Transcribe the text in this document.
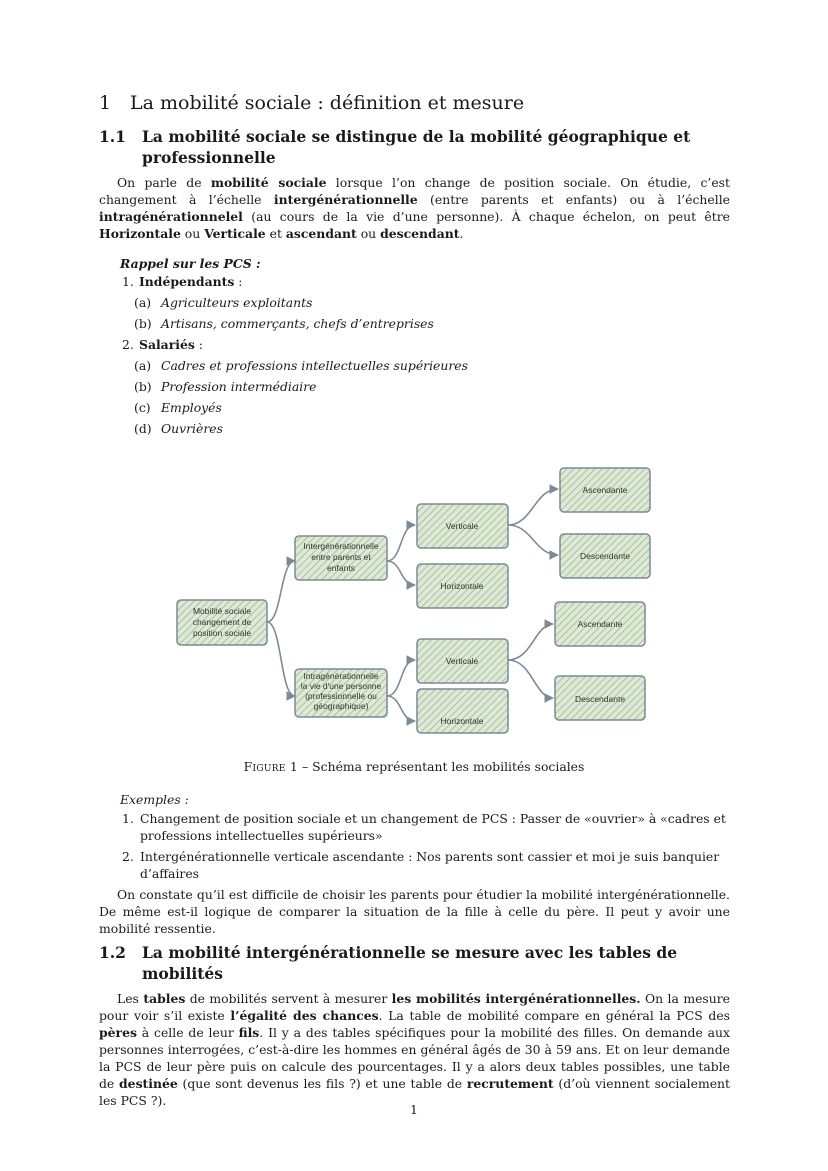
1 La mobilité sociale : définition et mesure
1.1	La mobilité sociale se distingue de la mobilité géographique et professionnelle

On parle de mobilité sociale lorsque l’on change de position sociale. On étudie, c’est changement à l’échelle intergénérationnelle (entre parents et enfants) ou à l’échelle intragénérationnelel (au cours de la vie d’une personne). À chaque échelon, on peut être Horizontale ou Verticale et ascendant ou descendant.

Rappel sur les PCS :
1. Indépendants :
(a) Agriculteurs exploitants
(b) Artisans, commerçants, chefs d’entreprises
2. Salariés :
(a) Cadres et professions intellectuelles supérieures
(b) Profession intermédiaire
(c) Employés
(d) Ouvrières
Mobilité sociale
changement de
position sociale
Intergénérationnelle
entre parents et
enfants
Intragénérationnelle
la vie d'une personne
(professionnelle ou
géographique)
Verticale
Horizontale
Verticale
Horizontale
Ascendante
Descendante
Ascendante
Descendante
Figure 1 – Schéma représentant les mobilités sociales
Exemples :
1. Changement de position sociale et un changement de PCS : Passer de «ouvrier» à «cadres et professions intellectuelles supérieurs»
2. Intergénérationnelle verticale ascendante : Nos parents sont cassier et moi je suis banquier d’affaires

On constate qu’il est difficile de choisir les parents pour étudier la mobilité intergénérationnelle. De même est-il logique de comparer la situation de la fille à celle du père. Il peut y avoir une mobilité ressentie.

1.2	La mobilité intergénérationnelle se mesure avec les tables de mobilités

Les tables de mobilités servent à mesurer les mobilités intergénérationnelles. On la mesure pour voir s’il existe l’égalité des chances. La table de mobilité compare en général la PCS des pères à celle de leur fils. Il y a des tables spécifiques pour la mobilité des filles. On demande aux personnes interrogées, c’est-à-dire les hommes en général âgés de 30 à 59 ans. Et on leur demande la PCS de leur père puis on calcule des pourcentages. Il y a alors deux tables possibles, une table de destinée (que sont devenus les fils ?) et une table de recrutement (d’où viennent socialement les PCS ?).

1
